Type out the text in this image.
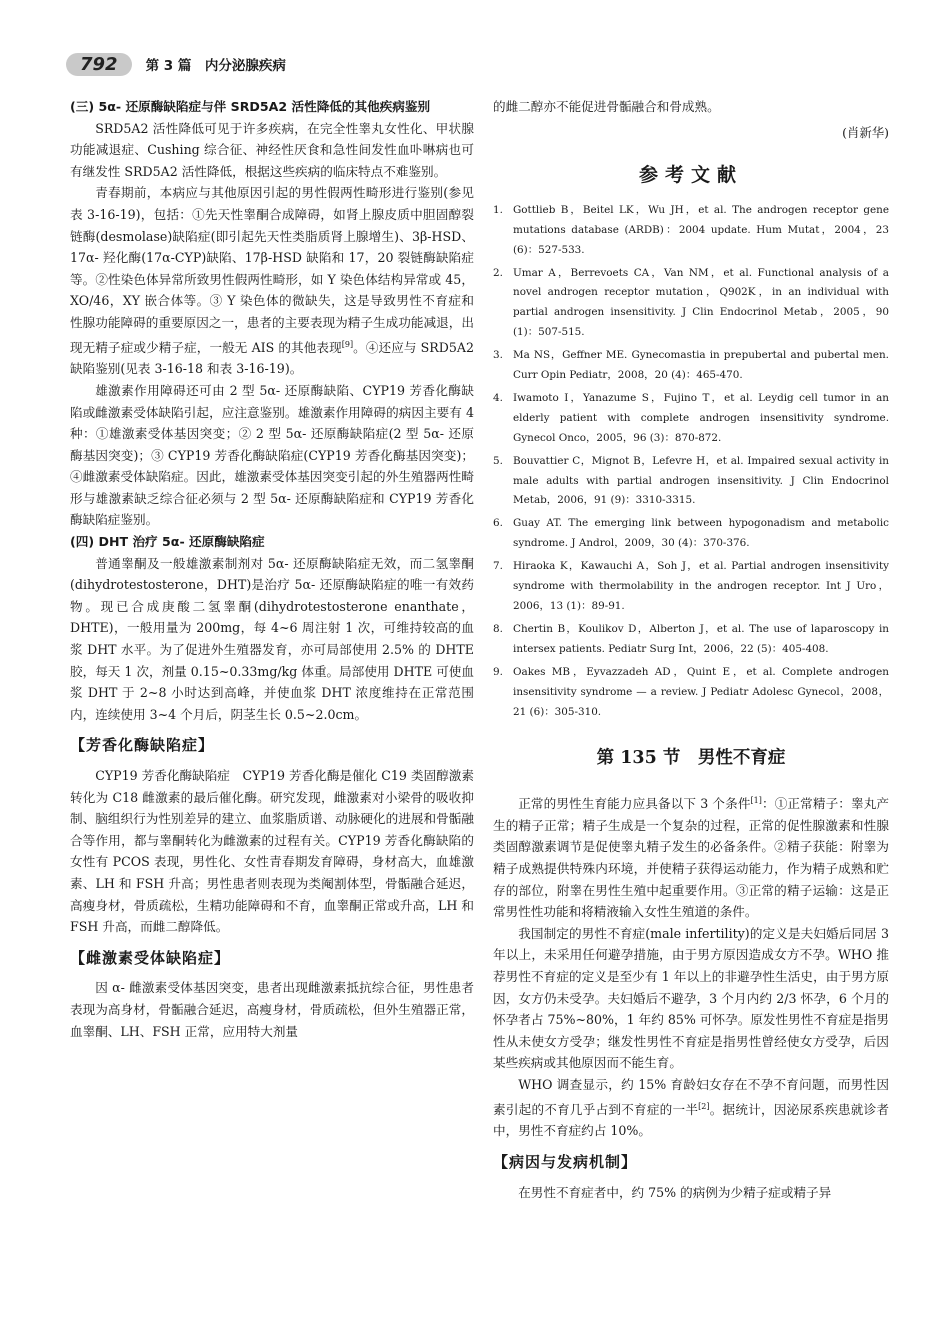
792	第 3 篇　内分泌腺疾病

(三) 5α- 还原酶缺陷症与伴 SRD5A2 活性降低的其他疾病鉴别

SRD5A2 活性降低可见于许多疾病，在完全性睾丸女性化、甲状腺功能减退症、Cushing 综合征、神经性厌食和急性间发性血卟啉病也可有继发性 SRD5A2 活性降低，根据这些疾病的临床特点不难鉴别。

青春期前，本病应与其他原因引起的男性假两性畸形进行鉴别(参见表 3-16-19)，包括：①先天性睾酮合成障碍，如肾上腺皮质中胆固醇裂链酶(desmolase)缺陷症(即引起先天性类脂质肾上腺增生)、3β-HSD、17α- 羟化酶(17α-CYP)缺陷、17β-HSD 缺陷和 17，20 裂链酶缺陷症等。②性染色体异常所致男性假两性畸形，如 Y 染色体结构异常或 45，XO/46，XY 嵌合体等。③ Y 染色体的微缺失，这是导致男性不育症和性腺功能障碍的重要原因之一，患者的主要表现为精子生成功能减退，出现无精子症或少精子症，一般无 AIS 的其他表现[9]。④还应与 SRD5A2 缺陷鉴别(见表 3-16-18 和表 3-16-19)。

雄激素作用障碍还可由 2 型 5α- 还原酶缺陷、CYP19 芳香化酶缺陷或雌激素受体缺陷引起，应注意鉴别。雄激素作用障碍的病因主要有 4 种：①雄激素受体基因突变；② 2 型 5α- 还原酶缺陷症(2 型 5α- 还原酶基因突变)；③ CYP19 芳香化酶缺陷症(CYP19 芳香化酶基因突变)；④雌激素受体缺陷症。因此，雄激素受体基因突变引起的外生殖器两性畸形与雄激素缺乏综合征必须与 2 型 5α- 还原酶缺陷症和 CYP19 芳香化酶缺陷症鉴别。

(四) DHT 治疗 5α- 还原酶缺陷症

普通睾酮及一般雄激素制剂对 5α- 还原酶缺陷症无效，而二氢睾酮(dihydrotestosterone，DHT)是治疗 5α- 还原酶缺陷症的唯一有效药物。现已合成庚酸二氢睾酮(dihydrotestosterone enanthate，DHTE)，一般用量为 200mg，每 4~6 周注射 1 次，可维持较高的血浆 DHT 水平。为了促进外生殖器发育，亦可局部使用 2.5% 的 DHTE 胶，每天 1 次，剂量 0.15~0.33mg/kg 体重。局部使用 DHTE 可使血浆 DHT 于 2~8 小时达到高峰，并使血浆 DHT 浓度维持在正常范围内，连续使用 3~4 个月后，阴茎生长 0.5~2.0cm。

【芳香化酶缺陷症】

CYP19 芳香化酶缺陷症　CYP19 芳香化酶是催化 C19 类固醇激素转化为 C18 雌激素的最后催化酶。研究发现，雌激素对小梁骨的吸收抑制、脑组织行为性别差异的建立、血浆脂质谱、动脉硬化的进展和骨骺融合等作用，都与睾酮转化为雌激素的过程有关。CYP19 芳香化酶缺陷的女性有 PCOS 表现，男性化、女性青春期发育障碍，身材高大，血雄激素、LH 和 FSH 升高；男性患者则表现为类阉割体型，骨骺融合延迟，高瘦身材，骨质疏松，生精功能障碍和不育，血睾酮正常或升高，LH 和 FSH 升高，而雌二醇降低。

【雌激素受体缺陷症】

因 α- 雌激素受体基因突变，患者出现雌激素抵抗综合征，男性患者表现为高身材，骨骺融合延迟，高瘦身材，骨质疏松，但外生殖器正常，血睾酮、LH、FSH 正常，应用特大剂量

的雌二醇亦不能促进骨骺融合和骨成熟。

(肖新华)

参考文献
1. Gottlieb B，Beitel LK，Wu JH，et al. The androgen receptor gene mutations database (ARDB)：2004 update. Hum Mutat，2004，23 (6)：527-533.
2. Umar A，Berrevoets CA，Van NM，et al. Functional analysis of a novel androgen receptor mutation，Q902K，in an individual with partial androgen insensitivity. J Clin Endocrinol Metab，2005，90 (1)：507-515.
3. Ma NS，Geffner ME. Gynecomastia in prepubertal and pubertal men. Curr Opin Pediatr，2008，20 (4)：465-470.
4. Iwamoto I，Yanazume S，Fujino T，et al. Leydig cell tumor in an elderly patient with complete androgen insensitivity syndrome. Gynecol Onco，2005，96 (3)：870-872.
5. Bouvattier C，Mignot B，Lefevre H，et al. Impaired sexual activity in male adults with partial androgen insensitivity. J Clin Endocrinol Metab，2006，91 (9)：3310-3315.
6. Guay AT. The emerging link between hypogonadism and metabolic syndrome. J Androl，2009，30 (4)：370-376.
7. Hiraoka K，Kawauchi A，Soh J，et al. Partial androgen insensitivity syndrome with thermolability in the androgen receptor. Int J Uro，2006，13 (1)：89-91.
8. Chertin B，Koulikov D，Alberton J，et al. The use of laparoscopy in intersex patients. Pediatr Surg Int，2006，22 (5)：405-408.
9. Oakes MB，Eyvazzadeh AD，Quint E，et al. Complete androgen insensitivity syndrome — a review. J Pediatr Adolesc Gynecol，2008，21 (6)：305-310.
第 135 节　男性不育症

正常的男性生育能力应具备以下 3 个条件[1]：①正常精子：睾丸产生的精子正常；精子生成是一个复杂的过程，正常的促性腺激素和性腺类固醇激素调节是促使睾丸精子发生的必备条件。②精子获能：附睾为精子成熟提供特殊内环境，并使精子获得运动能力，作为精子成熟和贮存的部位，附睾在男性生殖中起重要作用。③正常的精子运输：这是正常男性性功能和将精液输入女性生殖道的条件。

我国制定的男性不育症(male infertility)的定义是夫妇婚后同居 3 年以上，未采用任何避孕措施，由于男方原因造成女方不孕。WHO 推荐男性不育症的定义是至少有 1 年以上的非避孕性生活史，由于男方原因，女方仍未受孕。夫妇婚后不避孕，3 个月内约 2/3 怀孕，6 个月的怀孕者占 75%~80%，1 年约 85% 可怀孕。原发性男性不育症是指男性从未使女方受孕；继发性男性不育症是指男性曾经使女方受孕，后因某些疾病或其他原因而不能生育。

WHO 调查显示，约 15% 育龄妇女存在不孕不育问题，而男性因素引起的不育几乎占到不育症的一半[2]。据统计，因泌尿系疾患就诊者中，男性不育症约占 10%。

【病因与发病机制】

在男性不育症者中，约 75% 的病例为少精子症或精子异
